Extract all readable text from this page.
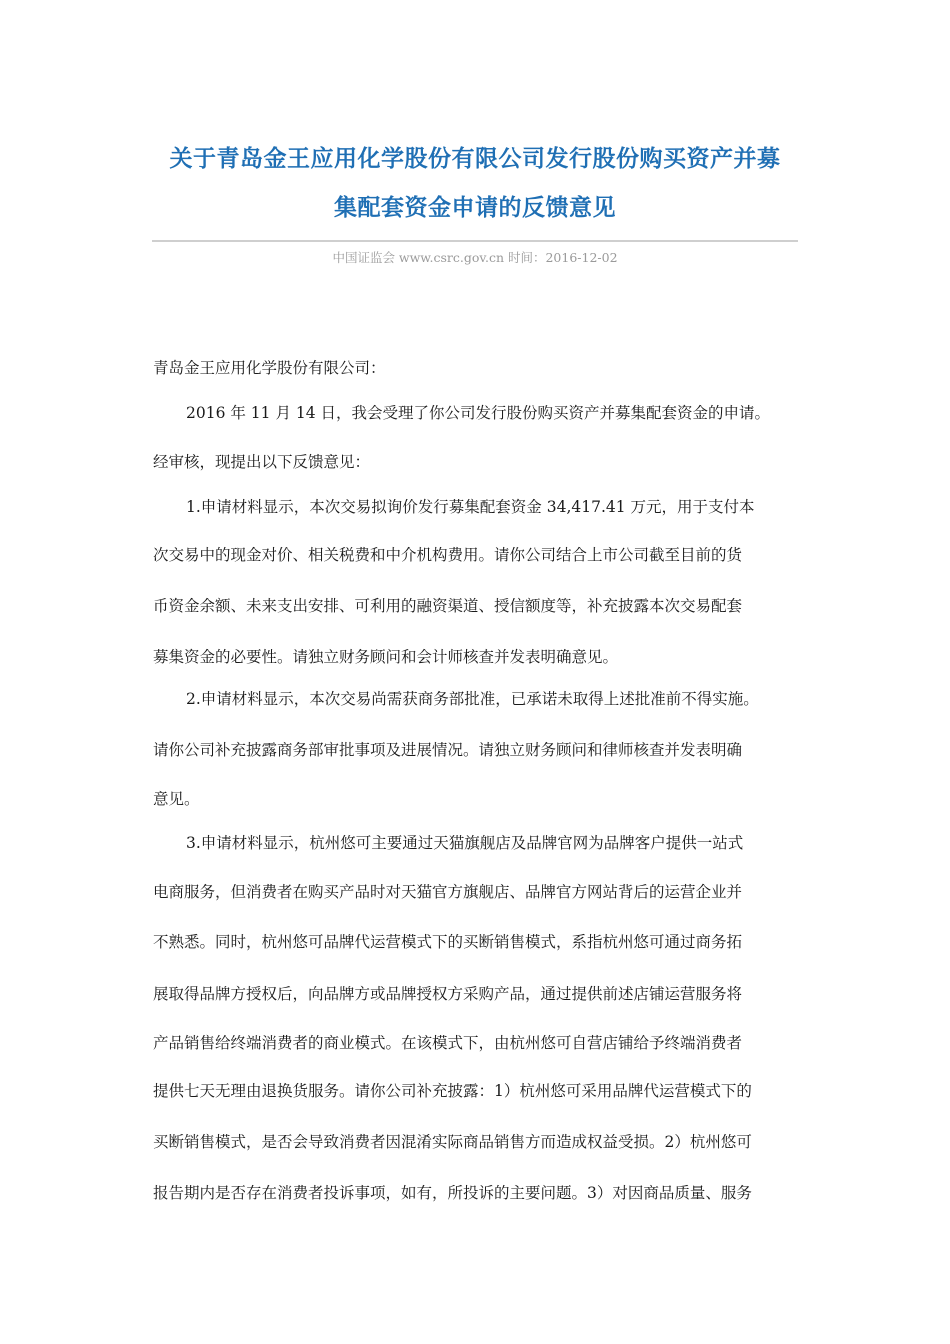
关于青岛金王应用化学股份有限公司发行股份购买资产并募
集配套资金申请的反馈意见
中国证监会 www.csrc.gov.cn 时间：2016-12-02
青岛金王应用化学股份有限公司：
2016 年 11 月 14 日，我会受理了你公司发行股份购买资产并募集配套资金的申请。
经审核，现提出以下反馈意见：
1.申请材料显示，本次交易拟询价发行募集配套资金 34,417.41 万元，用于支付本
次交易中的现金对价、相关税费和中介机构费用。请你公司结合上市公司截至目前的货
币资金余额、未来支出安排、可利用的融资渠道、授信额度等，补充披露本次交易配套
募集资金的必要性。请独立财务顾问和会计师核查并发表明确意见。
2.申请材料显示，本次交易尚需获商务部批准，已承诺未取得上述批准前不得实施。
请你公司补充披露商务部审批事项及进展情况。请独立财务顾问和律师核查并发表明确
意见。
3.申请材料显示，杭州悠可主要通过天猫旗舰店及品牌官网为品牌客户提供一站式
电商服务，但消费者在购买产品时对天猫官方旗舰店、品牌官方网站背后的运营企业并
不熟悉。同时，杭州悠可品牌代运营模式下的买断销售模式，系指杭州悠可通过商务拓
展取得品牌方授权后，向品牌方或品牌授权方采购产品，通过提供前述店铺运营服务将
产品销售给终端消费者的商业模式。在该模式下，由杭州悠可自营店铺给予终端消费者
提供七天无理由退换货服务。请你公司补充披露：1）杭州悠可采用品牌代运营模式下的
买断销售模式，是否会导致消费者因混淆实际商品销售方而造成权益受损。2）杭州悠可
报告期内是否存在消费者投诉事项，如有，所投诉的主要问题。3）对因商品质量、服务
